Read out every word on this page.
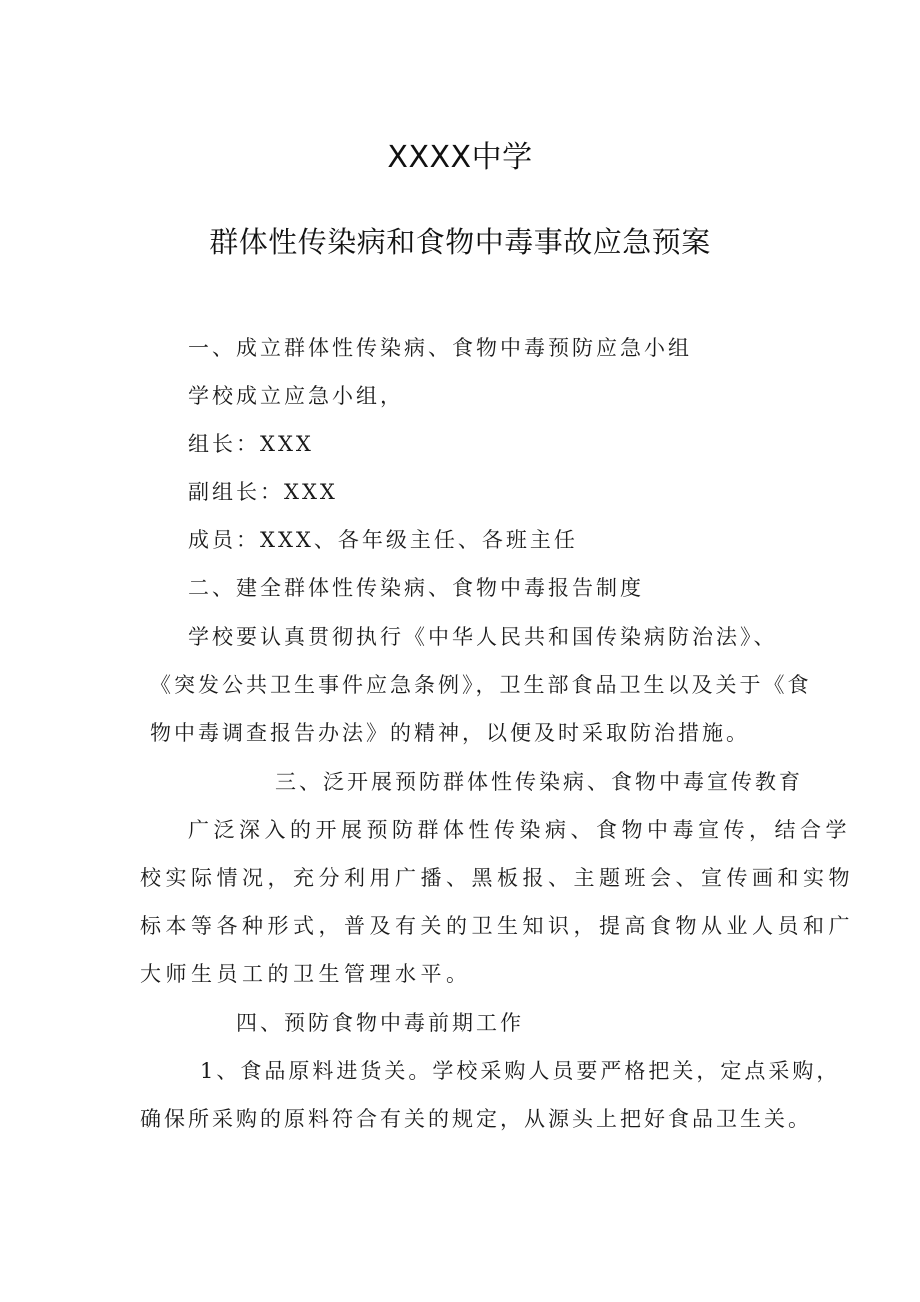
XXXX中学
群体性传染病和食物中毒事故应急预案
一、成立群体性传染病、食物中毒预防应急小组
学校成立应急小组，
组长：XXX
副组长：XXX
成员：XXX、各年级主任、各班主任
二、建全群体性传染病、食物中毒报告制度
学校要认真贯彻执行《中华人民共和国传染病防治法》、
《突发公共卫生事件应急条例》，卫生部食品卫生以及关于《食
物中毒调查报告办法》的精神，以便及时采取防治措施。
三、泛开展预防群体性传染病、食物中毒宣传教育
广泛深入的开展预防群体性传染病、食物中毒宣传，结合学
校实际情况，充分利用广播、黑板报、主题班会、宣传画和实物
标本等各种形式，普及有关的卫生知识，提高食物从业人员和广
大师生员工的卫生管理水平。
四、预防食物中毒前期工作
1、食品原料进货关。学校采购人员要严格把关，定点采购，
确保所采购的原料符合有关的规定，从源头上把好食品卫生关。
